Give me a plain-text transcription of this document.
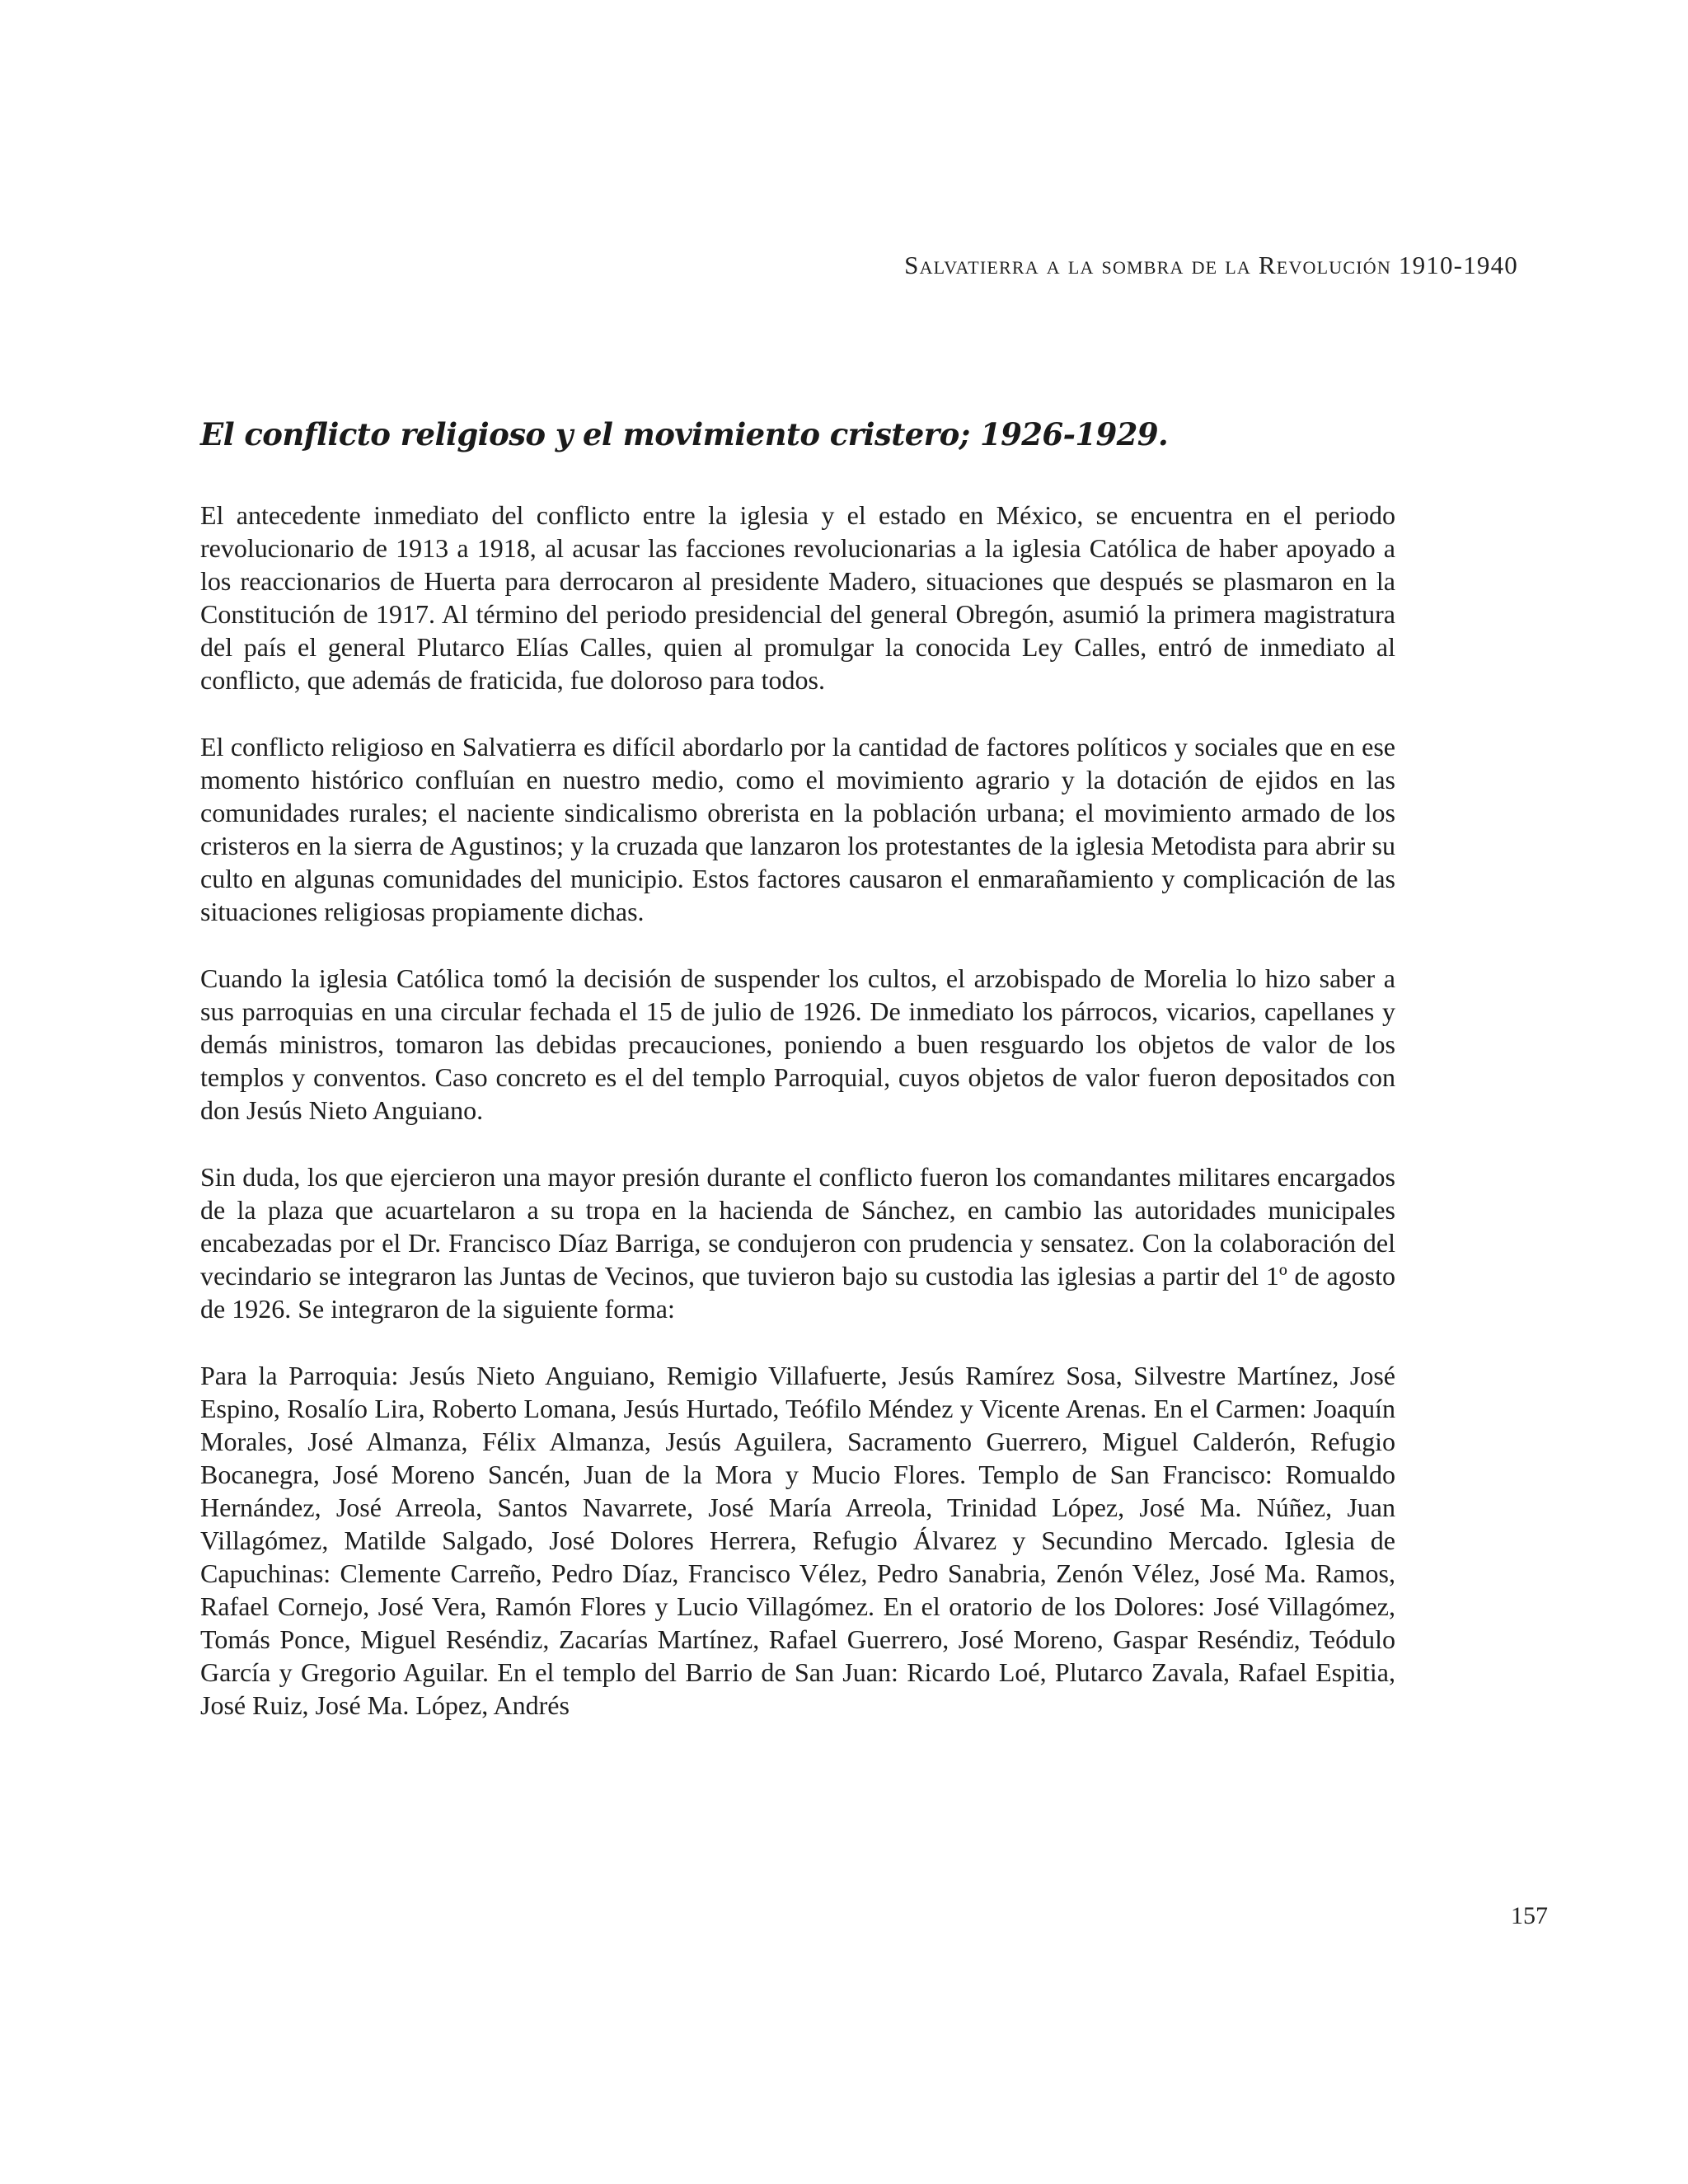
Salvatierra a la sombra de la Revolución 1910-1940

El conflicto religioso y el movimiento cristero; 1926-1929.

El antecedente inmediato del conflicto entre la iglesia y el estado en México, se encuentra en el periodo revolucionario de 1913 a 1918, al acusar las facciones revolucionarias a la iglesia Católica de haber apoyado a los reaccionarios de Huerta para derrocaron al presidente Madero, situaciones que después se plasmaron en la Constitución de 1917. Al término del periodo presidencial del general Obregón, asumió la primera magistratura del país el general Plutarco Elías Calles, quien al promulgar la conocida Ley Calles, entró de inmediato al conflicto, que además de fraticida, fue doloroso para todos.

El conflicto religioso en Salvatierra es difícil abordarlo por la cantidad de factores políticos y sociales que en ese momento histórico confluían en nuestro medio, como el movimiento agrario y la dotación de ejidos en las comunidades rurales; el naciente sindicalismo obrerista en la población urbana; el movimiento armado de los cristeros en la sierra de Agustinos; y la cruzada que lanzaron los protestantes de la iglesia Metodista para abrir su culto en algunas comunidades del municipio. Estos factores causaron el enmarañamiento y complicación de las situaciones religiosas propiamente dichas.

Cuando la iglesia Católica tomó la decisión de suspender los cultos, el arzobispado de Morelia lo hizo saber a sus parroquias en una circular fechada el 15 de julio de 1926. De inmediato los párrocos, vicarios, capellanes y demás ministros, tomaron las debidas precauciones, poniendo a buen resguardo los objetos de valor de los templos y conventos. Caso concreto es el del templo Parroquial, cuyos objetos de valor fueron depositados con don Jesús Nieto Anguiano.

Sin duda, los que ejercieron una mayor presión durante el conflicto fueron los comandantes militares encargados de la plaza que acuartelaron a su tropa en la hacienda de Sánchez, en cambio las autoridades municipales encabezadas por el Dr. Francisco Díaz Barriga, se condujeron con prudencia y sensatez. Con la colaboración del vecindario se integraron las Juntas de Vecinos, que tuvieron bajo su custodia las iglesias a partir del 1º de agosto de 1926. Se integraron de la siguiente forma:

Para la Parroquia: Jesús Nieto Anguiano, Remigio Villafuerte, Jesús Ramírez Sosa, Silvestre Martínez, José Espino, Rosalío Lira, Roberto Lomana, Jesús Hurtado, Teófilo Méndez y Vicente Arenas. En el Carmen: Joaquín Morales, José Almanza, Félix Almanza, Jesús Aguilera, Sacramento Guerrero, Miguel Calderón, Refugio Bocanegra, José Moreno Sancén, Juan de la Mora y Mucio Flores. Templo de San Francisco: Romualdo Hernández, José Arreola, Santos Navarrete, José María Arreola, Trinidad López, José Ma. Núñez, Juan Villagómez, Matilde Salgado, José Dolores Herrera, Refugio Álvarez y Secundino Mercado. Iglesia de Capuchinas: Clemente Carreño, Pedro Díaz, Francisco Vélez, Pedro Sanabria, Zenón Vélez, José Ma. Ramos, Rafael Cornejo, José Vera, Ramón Flores y Lucio Villagómez. En el oratorio de los Dolores: José Villagómez, Tomás Ponce, Miguel Reséndiz, Zacarías Martínez, Rafael Guerrero, José Moreno, Gaspar Reséndiz, Teódulo García y Gregorio Aguilar. En el templo del Barrio de San Juan: Ricardo Loé, Plutarco Zavala, Rafael Espitia, José Ruiz, José Ma. López, Andrés

157
